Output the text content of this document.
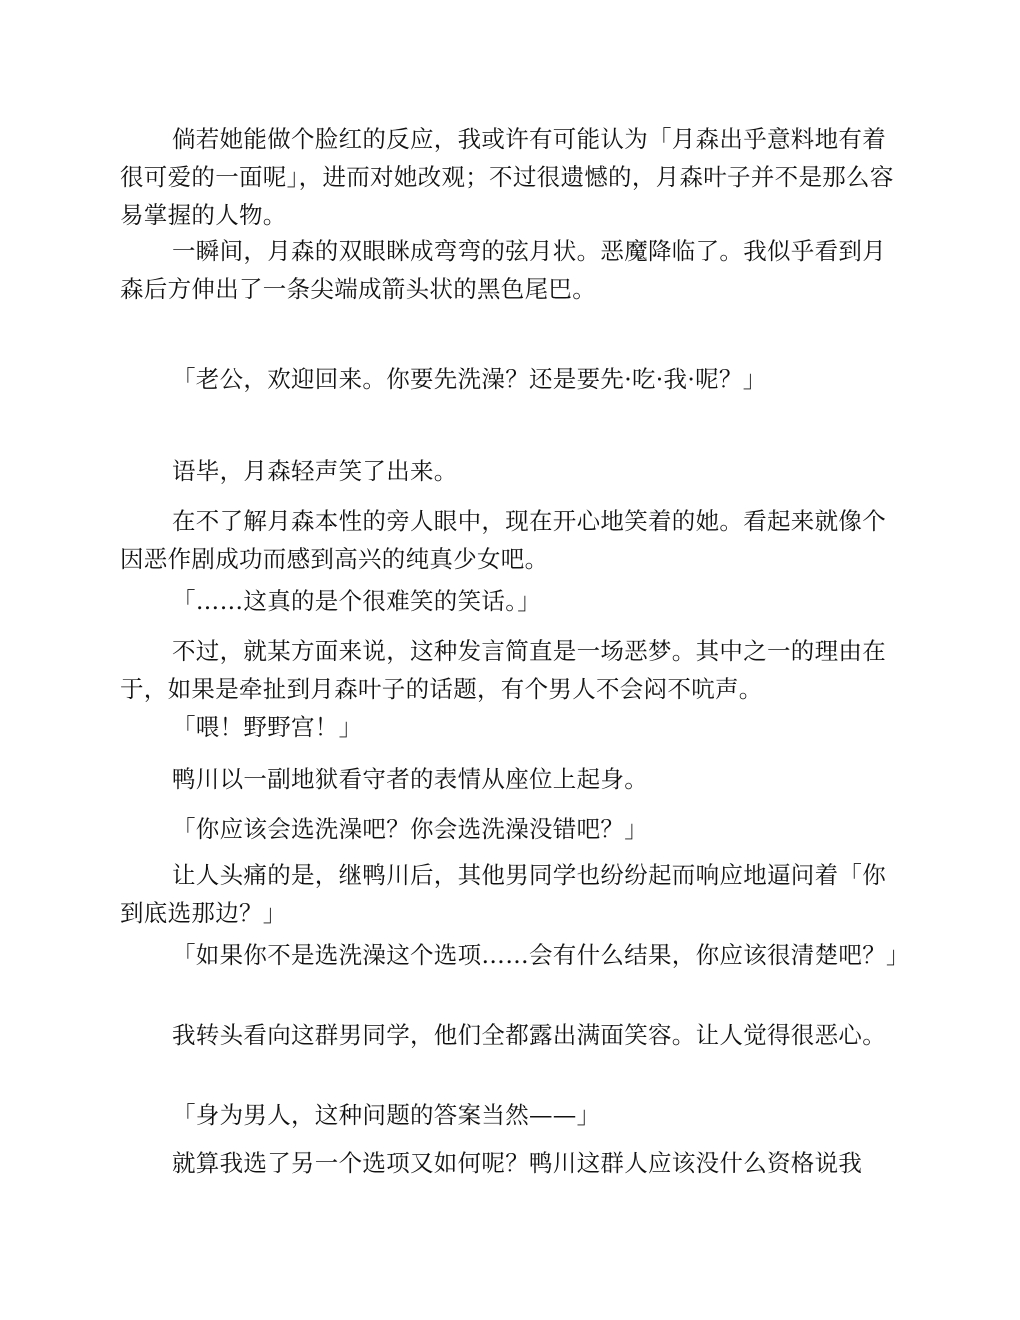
倘若她能做个脸红的反应，我或许有可能认为「月森出乎意料地有着很可爱的一面呢」，进而对她改观；不过很遗憾的，月森叶子并不是那么容易掌握的人物。

一瞬间，月森的双眼眯成弯弯的弦月状。恶魔降临了。我似乎看到月森后方伸出了一条尖端成箭头状的黑色尾巴。

「老公，欢迎回来。你要先洗澡？还是要先·吃·我·呢？」

语毕，月森轻声笑了出来。

在不了解月森本性的旁人眼中，现在开心地笑着的她。看起来就像个因恶作剧成功而感到高兴的纯真少女吧。

「……这真的是个很难笑的笑话。」

不过，就某方面来说，这种发言简直是一场恶梦。其中之一的理由在于，如果是牵扯到月森叶子的话题，有个男人不会闷不吭声。

「喂！野野宫！」

鸭川以一副地狱看守者的表情从座位上起身。

「你应该会选洗澡吧？你会选洗澡没错吧？」

让人头痛的是，继鸭川后，其他男同学也纷纷起而响应地逼问着「你到底选那边？」

「如果你不是选洗澡这个选项……会有什么结果，你应该很清楚吧？」

我转头看向这群男同学，他们全都露出满面笑容。让人觉得很恶心。

「身为男人，这种问题的答案当然——」

就算我选了另一个选项又如何呢？鸭川这群人应该没什么资格说我
